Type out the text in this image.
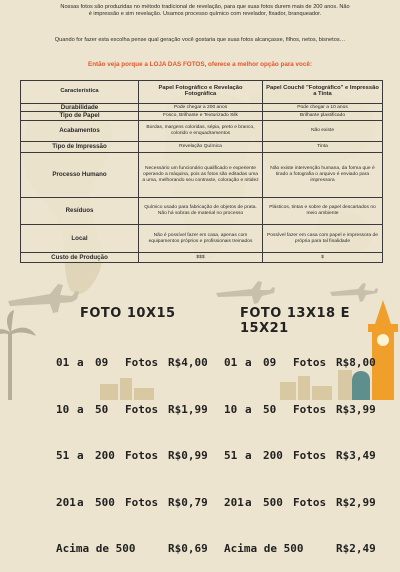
Nossas fotos são produzidas no método tradicional de revelação, para que suas fotos durem mais de 200 anos. Não é impressão e sim revelação. Usamos processo químico com revelador, fixador, branqueador.
Quando for fazer esta escolha pense qual geração você gostaria que suas fotos alcançasse, filhos, netos, bisnetos…
Então veja porque a LOJA DAS FOTOS, oferece a melhor opção para você:
Característica	Papel Fotográfico e Revelação Fotográfica	Papel Couchê "Fotográfico" e Impressão a Tinta
Durabilidade	Pode chegar a 200 anos	Pode chegar a 10 anos
Tipo de Papel	Fosco, Brilhante e Texturizado Silk	Brilhante plastificado
Acabamentos	Bordas, margens coloridas, sépia, preto e branco, colorido e enquadramentos	Não existe
Tipo de Impressão	Revelação Química	Tinta
Processo Humano	Necessário um funcionário qualificado e experiente operando a máquina, pois as fotos são editadas uma a uma, melhorando seu contraste, coloração e nitidez	Não existe intervenção humana, da forma que é tirado a fotografia o arquivo é enviado para impressora
Resíduos	Químico usado para fabricação de objetos de prata. Não há sobras de material no processo	Plásticos, tintas e sobre de papel descartados no meio ambiente
Local	Não é possível fazer em casa, apenas com equipamentos próprios e profissionais treinados	Possível fazer em casa com papel e impressora de própria para tal finalidade
Custo de Produção	$$$	$
FOTO 10X15	FOTO 13X18 E 15X21

01 a	09	Fotos R$4,00

10 a	50	Fotos R$1,99

51 a	200 Fotos R$0,99

201 a	500 Fotos R$0,79

Acima de 500	R$0,69

01 a	09	Fotos R$8,00

10 a	50	Fotos R$3,99

51 a	200 Fotos R$3,49

201 a	500 Fotos R$2,99

Acima de 500	R$2,49
